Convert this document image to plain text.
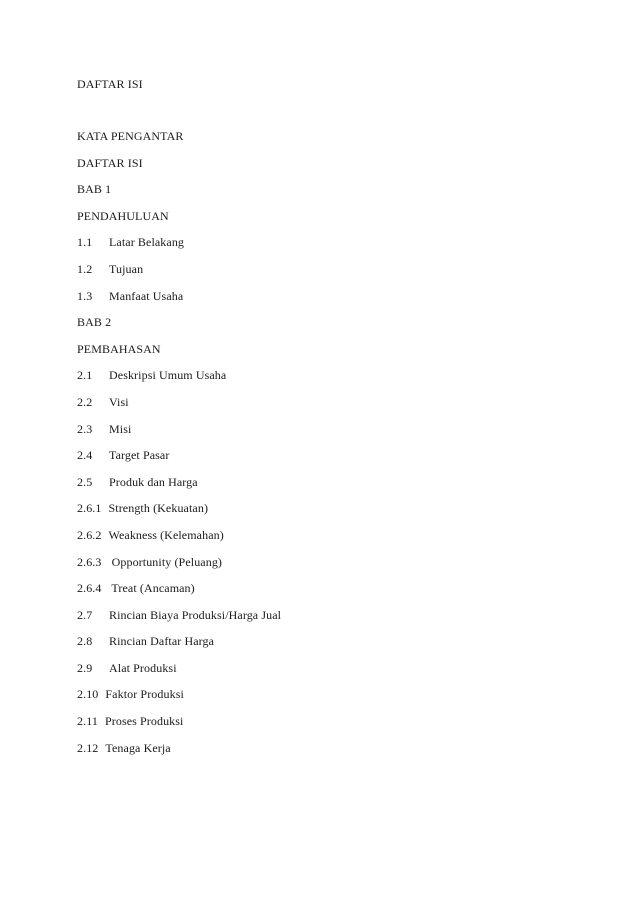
DAFTAR ISI
KATA PENGANTAR
DAFTAR ISI
BAB 1
PENDAHULUAN
1.1 Latar Belakang
1.2 Tujuan
1.3 Manfaat Usaha
BAB 2
PEMBAHASAN
2.1 Deskripsi Umum Usaha
2.2 Visi
2.3 Misi
2.4 Target Pasar
2.5 Produk dan Harga
2.6.1 Strength (Kekuatan)
2.6.2 Weakness (Kelemahan)
2.6.3 Opportunity (Peluang)
2.6.4 Treat (Ancaman)
2.7 Rincian Biaya Produksi/Harga Jual
2.8 Rincian Daftar Harga
2.9 Alat Produksi
2.10 Faktor Produksi
2.11 Proses Produksi
2.12 Tenaga Kerja
